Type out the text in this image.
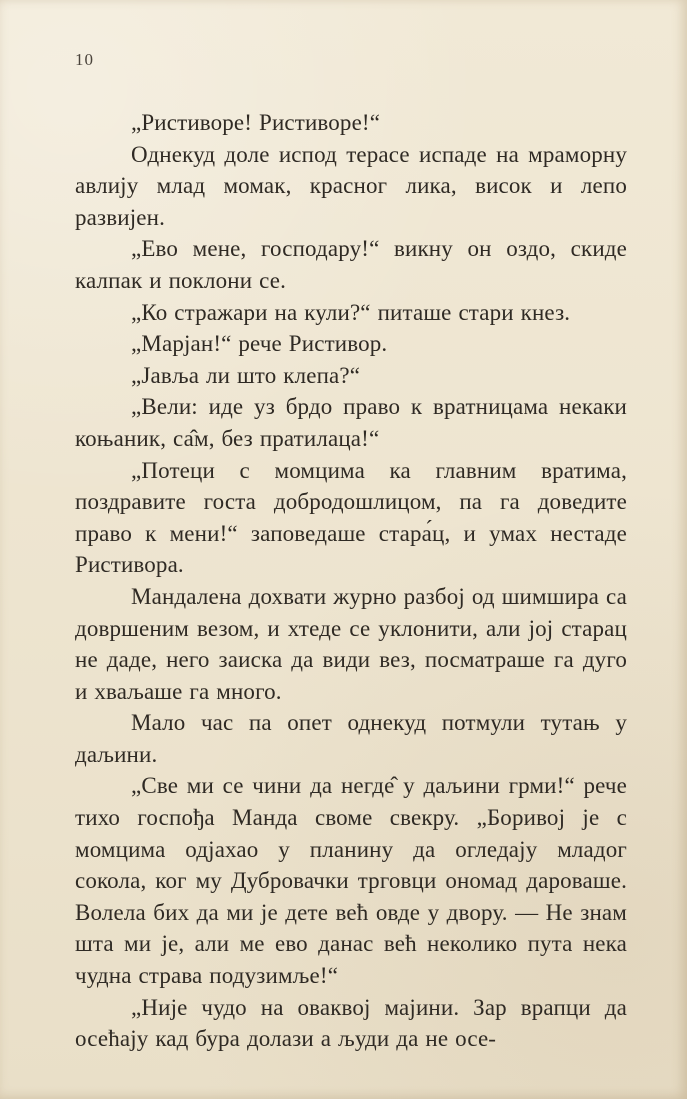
10

„Ристиворе! Ристиворе!“

Однекуд доле испод терасе испаде на мраморну авлију млад момак, красног лика, висок и лепо развијен.

„Ево мене, господару!“ викну он оздо, скиде калпак и поклони се.

„Ко стражари на кули?“ питаше стари кнез.

„Марјан!“ рече Ристивор.

„Јавља ли што клепа?“

„Вели: иде уз брдо право к вратницама некаки коњаник, са̂м, без пратилаца!“

„Потеци с момцима ка главним вратима, поздравите госта добродошлицом, па га доведите право к мени!“ заповедаше стара́ц, и умах нестаде Ристивора.

Мандалена дохвати журно разбој од шимшира са довршеним везом, и хтеде се уклонити, али јој старац не даде, него заиска да види вез, посматраше га дуго и хваљаше га много.

Мало час па опет однекуд потмули тутањ у даљини.

„Све ми се чини да негде̂ у даљини грми!“ рече тихо госпођа Манда своме свекру. „Боривој је с момцима одјахао у планину да огледају младог сокола, ког му Дубровачки трговци ономад дароваше. Волела бих да ми је дете већ овде у двору. — Не знам шта ми је, али ме ево данас већ неколико пута нека чудна страва подузимље!“

„Није чудо на оваквој мајини. Зар врапци да осећају кад бура долази а људи да не осе-
